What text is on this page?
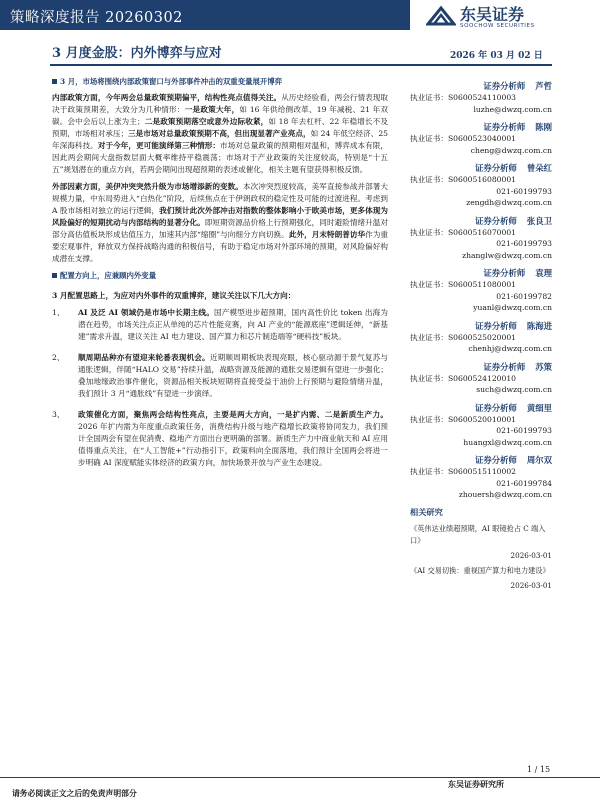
策略深度报告 20260302	东吴证券
SOOCHOW SECURITIES
3 月度金股：内外博弈与应对	2026 年 03 月 02 日
3 月，市场将围绕内部政策窗口与外部事件冲击的双重变量展开博弈
内部政策方面，今年两会总量政策预期偏平，结构性亮点值得关注。从历史经验看，两会行情表现取决于政策预期差，大致分为几种情形：一是政策大年，如 16 年供给侧改革、19 年减税、21 年双碳。会中会后以上涨为主；二是政策预期落空或意外边际收紧，如 18 年去杠杆、22 年稳增长不及预期，市场相对承压；三是市场对总量政策预期不高，但出现显著产业亮点，如 24 年低空经济、25 年深海科技。对于今年，更可能演绎第三种情形：市场对总量政策的预期相对温和，博弈成本有限，因此两会期间大盘指数层面大概率维持平稳震荡；市场对于产业政策的关注度较高，特别是“十五五”规划潜在的重点方向，若两会期间出现超预期的表述或催化，相关主题有望获得积极反馈。
外部因素方面，美伊冲突突然升级为市场增添新的变数。本次冲突烈度较高，美军直接参战并部署大规模力量，中东局势进入“白热化”阶段，后续焦点在于伊朗政权的稳定性及可能的过渡进程。考虑到 A 股市场相对独立的运行逻辑，我们预计此次外部冲击对指数的整体影响小于欧美市场，更多体现为风险偏好的短期扰动与内部结构的显著分化。即短期资源品价格上行预期强化，同时避险情绪升温对部分高估值板块形成估值压力，加速其内部“缩圈”与向细分方向切换。此外，月末特朗普访华作为重要宏观事件，释放双方保持战略沟通的积极信号，有助于稳定市场对外部环境的预期，对风险偏好构成潜在支撑。
配置方向上，应兼顾内外变量
3 月配置思路上，为应对内外事件的双重博弈，建议关注以下几大方向：
1、	AI 及泛 AI 领域仍是市场中长期主线。国产模型进步超预期，国内高性价比 token 出海为潜在趋势，市场关注点正从单纯的芯片性能竞赛，向 AI 产业的“能源底座”逻辑延伸，“新基建”需求升温，建议关注 AI 电力建设、国产算力和芯片制造端等“硬科技”板块。
2、	顺周期品种亦有望迎来轮番表现机会。近期顺周期板块表现亮眼，核心驱动源于景气复苏与通胀逻辑，伴随“HALO 交易”持续升温，战略资源及能源的通胀交易逻辑有望进一步强化；叠加地缘政治事件催化，资源品相关板块短期将直接受益于油价上行预期与避险情绪升温，我们预计 3 月“通胀线”有望进一步演绎。
3、	政策催化方面，聚焦两会结构性亮点，主要是两大方向，一是扩内需、二是新质生产力。2026 年扩内需为年度重点政策任务，消费结构升级与地产稳增长政策将协同发力，我们预计全国两会有望在促消费、稳地产方面出台更明确的部署。新质生产力中商业航天和 AI 应用值得重点关注，在“人工智能+”行动指引下，政策料向全面落地，我们预计全国两会将进一步明确 AI 深度赋能实体经济的政策方向，加快场景开放与产业生态建设。
证券分析师 芦哲
执业证书：S0600524110003
luzhe@dwzq.com.cn
证券分析师 陈刚
执业证书：S0600523040001
cheng@dwzq.com.cn
证券分析师 曾朵红
执业证书：S0600516080001
021-60199793
zengdh@dwzq.com.cn
证券分析师 张良卫
执业证书：S0600516070001
021-60199793
zhanglw@dwzq.com.cn
证券分析师 袁理
执业证书：S0600511080001
021-60199782
yuanl@dwzq.com.cn
证券分析师 陈海进
执业证书：S0600525020001
chenhj@dwzq.com.cn
证券分析师 苏策
执业证书：S0600524120010
such@dwzq.com.cn
证券分析师 黄细里
执业证书：S0600520010001
021-60199793
huangxl@dwzq.com.cn
证券分析师 周尔双
执业证书：S0600515110002
021-60199784
zhouersh@dwzq.com.cn
相关研究
《英伟达业绩超预期，AI 眼镜抢占 C 端入口》
2026-03-01
《AI 交易切换：重视国产算力和电力建设》
2026-03-01
1 / 15
请务必阅读正文之后的免责声明部分
东吴证券研究所
